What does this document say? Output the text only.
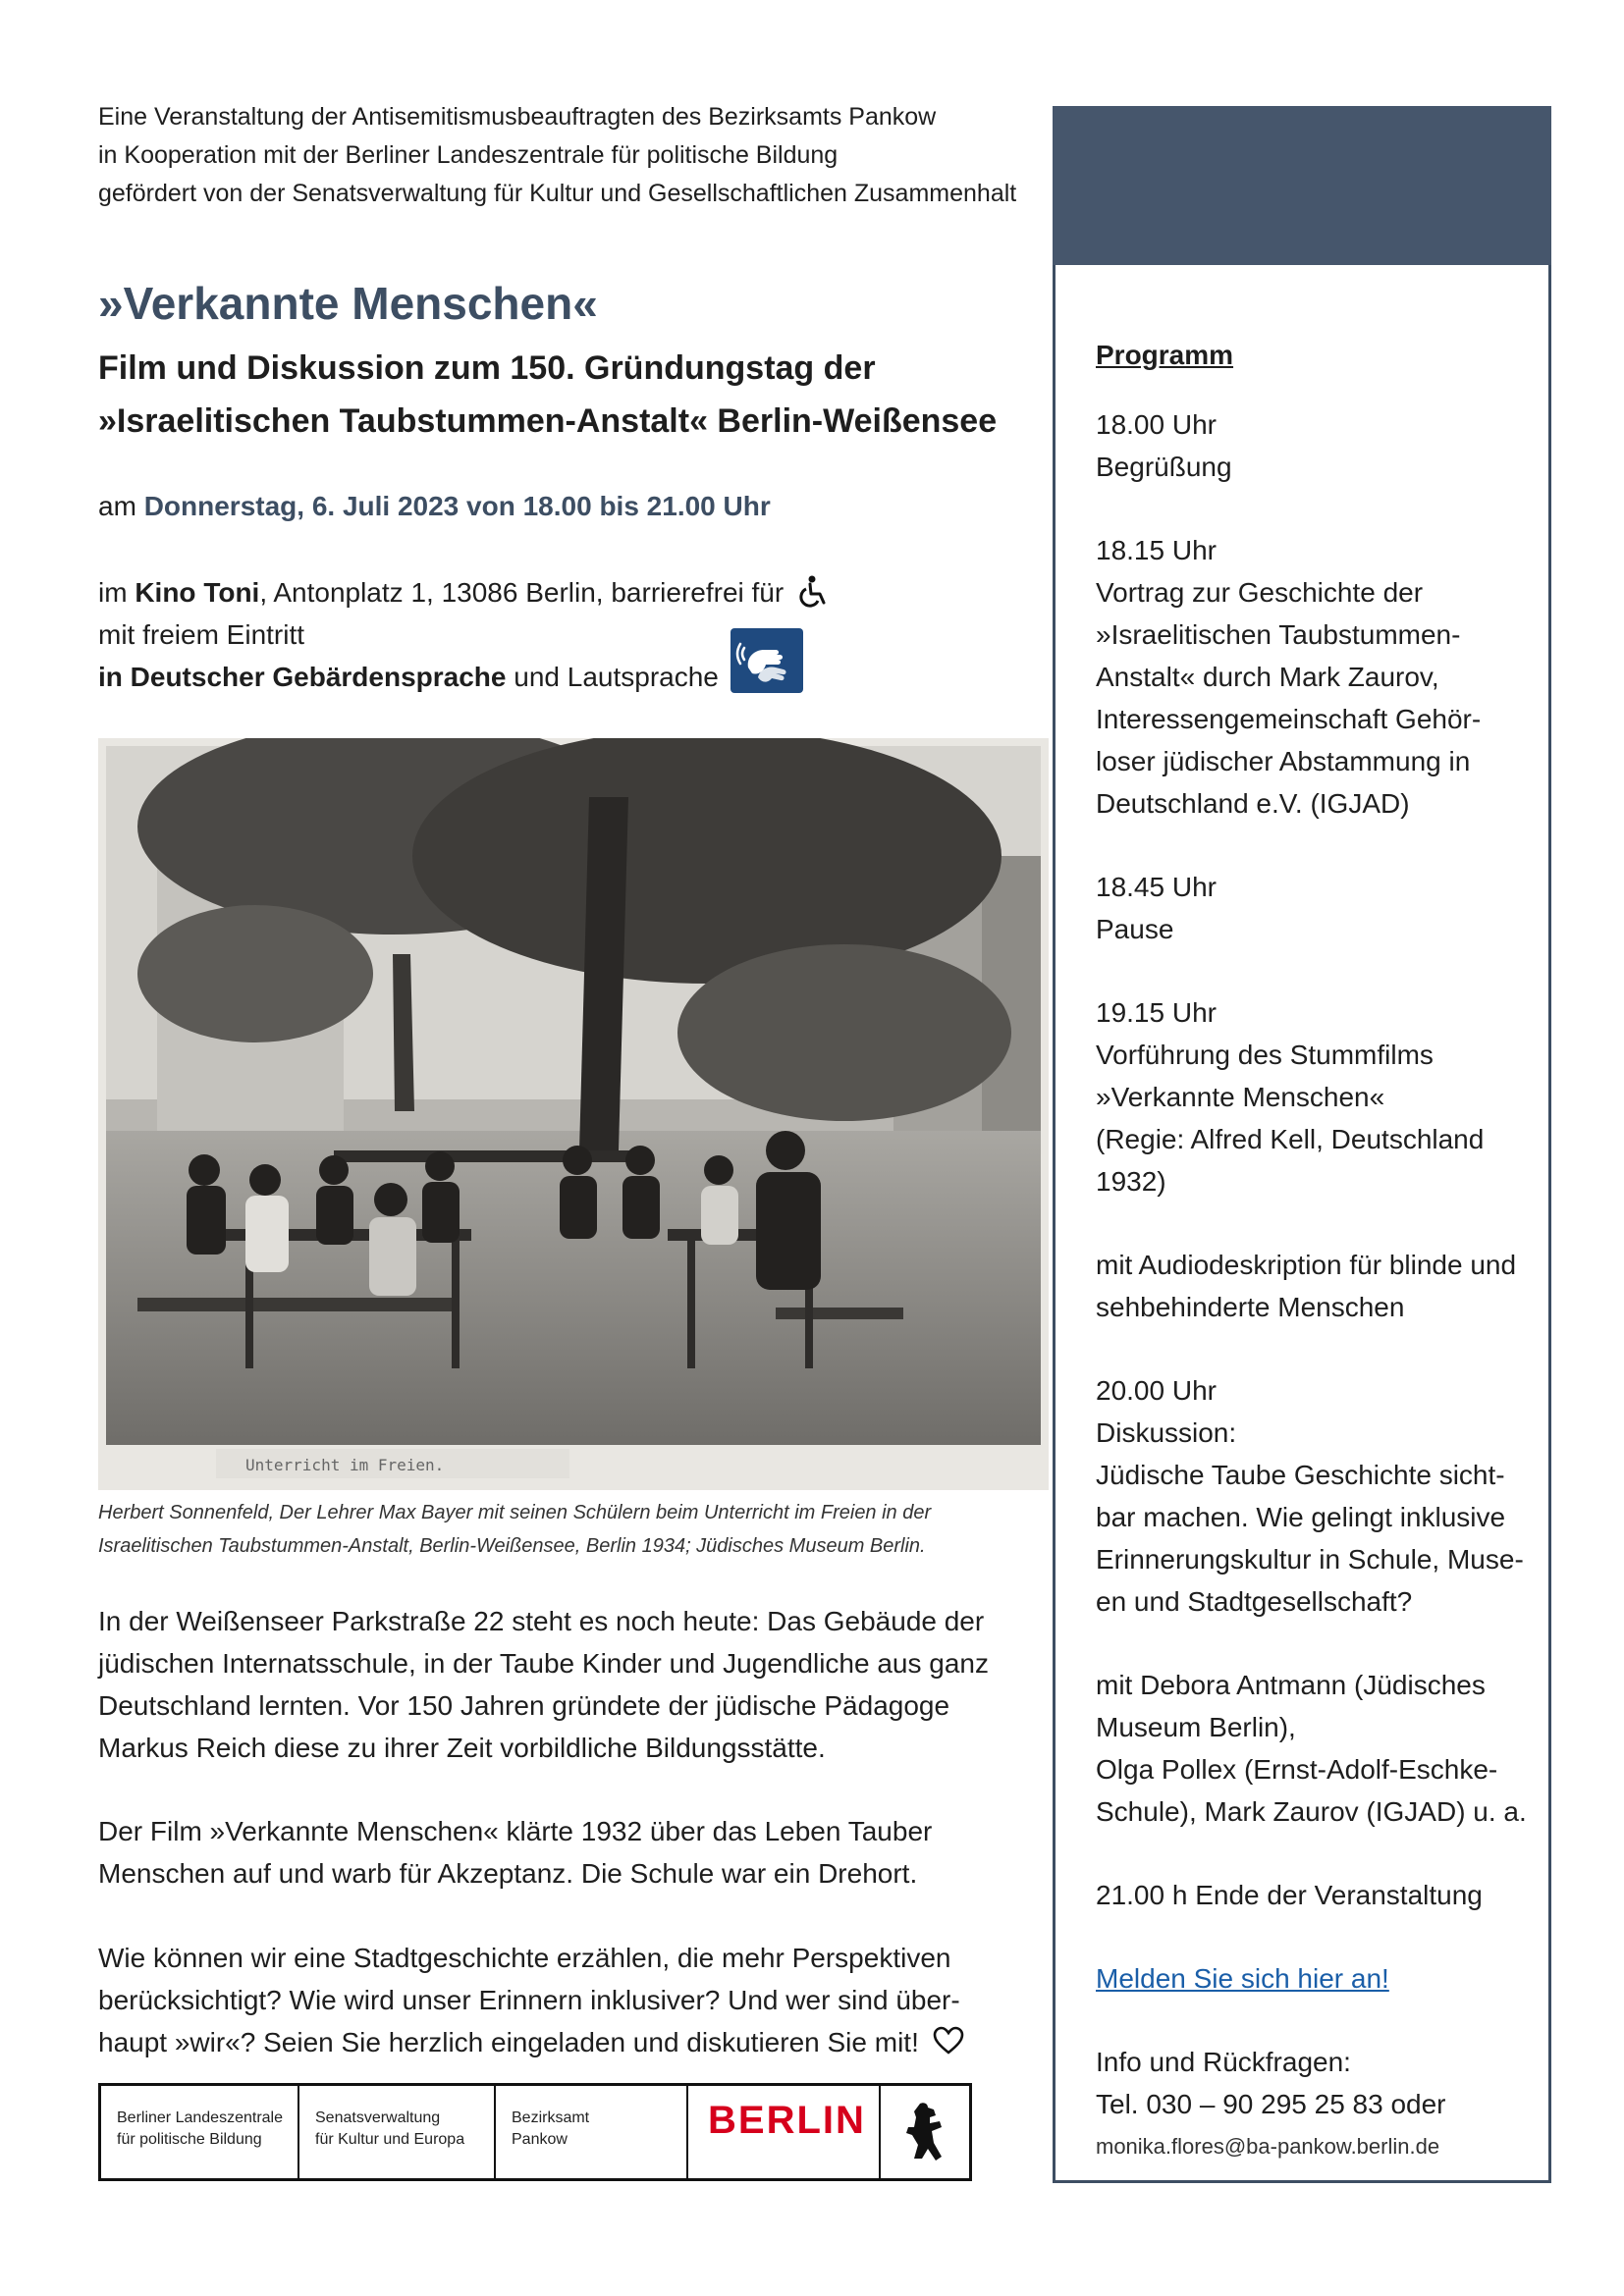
Eine Veranstaltung der Antisemitismusbeauftragten des Bezirksamts Pankow
in Kooperation mit der Berliner Landeszentrale für politische Bildung
gefördert von der Senatsverwaltung für Kultur und Gesellschaftlichen Zusammenhalt
»Verkannte Menschen«
Film und Diskussion zum 150. Gründungstag der
»Israelitischen Taubstummen-Anstalt« Berlin-Weißensee
am Donnerstag, 6. Juli 2023 von 18.00 bis 21.00 Uhr
im Kino Toni, Antonplatz 1, 13086 Berlin, barrierefrei für
mit freiem Eintritt
in Deutscher Gebärdensprache und Lautsprache
Unterricht im Freien.
Herbert Sonnenfeld, Der Lehrer Max Bayer mit seinen Schülern beim Unterricht im Freien in der
Israelitischen Taubstummen-Anstalt, Berlin-Weißensee, Berlin 1934; Jüdisches Museum Berlin.
In der Weißenseer Parkstraße 22 steht es noch heute: Das Gebäude der
jüdischen Internatsschule, in der Taube Kinder und Jugendliche aus ganz
Deutschland lernten. Vor 150 Jahren gründete der jüdische Pädagoge
Markus Reich diese zu ihrer Zeit vorbildliche Bildungsstätte.
Der Film »Verkannte Menschen« klärte 1932 über das Leben Tauber
Menschen auf und warb für Akzeptanz. Die Schule war ein Drehort.
Wie können wir eine Stadtgeschichte erzählen, die mehr Perspektiven
berücksichtigt? Wie wird unser Erinnern inklusiver? Und wer sind über-
haupt »wir«? Seien Sie herzlich eingeladen und diskutieren Sie mit!
Berliner Landeszentrale
für politische Bildung
Senatsverwaltung
für Kultur und Europa
Bezirksamt
Pankow	BERLIN
Programm
18.00 Uhr
Begrüßung
18.15 Uhr
Vortrag zur Geschichte der
»Israelitischen Taubstummen-
Anstalt« durch Mark Zaurov,
Interessengemeinschaft Gehör-
loser jüdischer Abstammung in
Deutschland e.V. (IGJAD)
18.45 Uhr
Pause
19.15 Uhr
Vorführung des Stummfilms
»Verkannte Menschen«
(Regie: Alfred Kell, Deutschland
1932)
mit Audiodeskription für blinde und
sehbehinderte Menschen
20.00 Uhr
Diskussion:
Jüdische Taube Geschichte sicht-
bar machen. Wie gelingt inklusive
Erinnerungskultur in Schule, Muse-
en und Stadtgesellschaft?
mit Debora Antmann (Jüdisches
Museum Berlin),
Olga Pollex (Ernst-Adolf-Eschke-
Schule), Mark Zaurov (IGJAD) u. a.
21.00 h Ende der Veranstaltung
Melden Sie sich hier an!
Info und Rückfragen:
Tel. 030 – 90 295 25 83 oder
monika.flores@ba-pankow.berlin.de
